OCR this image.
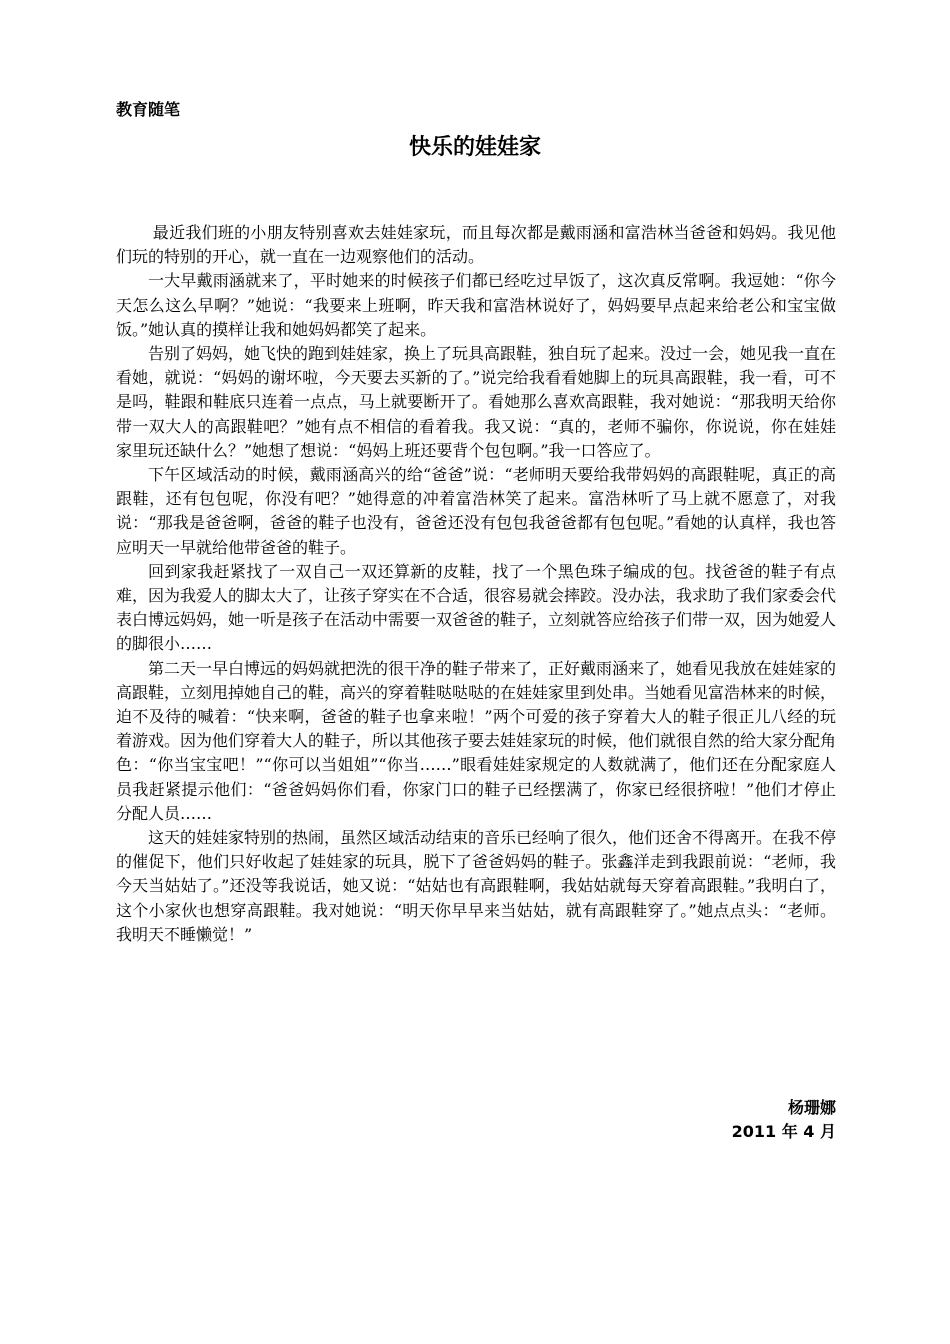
教育随笔
快乐的娃娃家

最近我们班的小朋友特别喜欢去娃娃家玩，而且每次都是戴雨涵和富浩林当爸爸和妈妈。我见他们玩的特别的开心，就一直在一边观察他们的活动。

一大早戴雨涵就来了，平时她来的时候孩子们都已经吃过早饭了，这次真反常啊。我逗她：“你今天怎么这么早啊？”她说：“我要来上班啊，昨天我和富浩林说好了，妈妈要早点起来给老公和宝宝做饭。”她认真的摸样让我和她妈妈都笑了起来。

告别了妈妈，她飞快的跑到娃娃家，换上了玩具高跟鞋，独自玩了起来。没过一会，她见我一直在看她，就说：“妈妈的谢坏啦，今天要去买新的了。”说完给我看看她脚上的玩具高跟鞋，我一看，可不是吗，鞋跟和鞋底只连着一点点，马上就要断开了。看她那么喜欢高跟鞋，我对她说：“那我明天给你带一双大人的高跟鞋吧？”她有点不相信的看着我。我又说：“真的，老师不骗你，你说说，你在娃娃家里玩还缺什么？”她想了想说：“妈妈上班还要背个包包啊。”我一口答应了。

下午区域活动的时候，戴雨涵高兴的给“爸爸”说：“老师明天要给我带妈妈的高跟鞋呢，真正的高跟鞋，还有包包呢，你没有吧？”她得意的冲着富浩林笑了起来。富浩林听了马上就不愿意了，对我说：“那我是爸爸啊，爸爸的鞋子也没有，爸爸还没有包包我爸爸都有包包呢。”看她的认真样，我也答应明天一早就给他带爸爸的鞋子。

回到家我赶紧找了一双自己一双还算新的皮鞋，找了一个黑色珠子编成的包。找爸爸的鞋子有点难，因为我爱人的脚太大了，让孩子穿实在不合适，很容易就会摔跤。没办法，我求助了我们家委会代表白博远妈妈，她一听是孩子在活动中需要一双爸爸的鞋子，立刻就答应给孩子们带一双，因为她爱人的脚很小……

第二天一早白博远的妈妈就把洗的很干净的鞋子带来了，正好戴雨涵来了，她看见我放在娃娃家的高跟鞋，立刻甩掉她自己的鞋，高兴的穿着鞋哒哒哒的在娃娃家里到处串。当她看见富浩林来的时候，迫不及待的喊着：“快来啊，爸爸的鞋子也拿来啦！”两个可爱的孩子穿着大人的鞋子很正儿八经的玩着游戏。因为他们穿着大人的鞋子，所以其他孩子要去娃娃家玩的时候，他们就很自然的给大家分配角色：“你当宝宝吧！”“你可以当姐姐”“你当……”眼看娃娃家规定的人数就满了，他们还在分配家庭人员我赶紧提示他们：“爸爸妈妈你们看，你家门口的鞋子已经摆满了，你家已经很挤啦！”他们才停止分配人员……

这天的娃娃家特别的热闹，虽然区域活动结束的音乐已经响了很久，他们还舍不得离开。在我不停的催促下，他们只好收起了娃娃家的玩具，脱下了爸爸妈妈的鞋子。张鑫洋走到我跟前说：“老师，我今天当姑姑了。”还没等我说话，她又说：“姑姑也有高跟鞋啊，我姑姑就每天穿着高跟鞋。”我明白了，这个小家伙也想穿高跟鞋。我对她说：“明天你早早来当姑姑，就有高跟鞋穿了。”她点点头：“老师。我明天不睡懒觉！”

杨珊娜
2011 年 4 月
